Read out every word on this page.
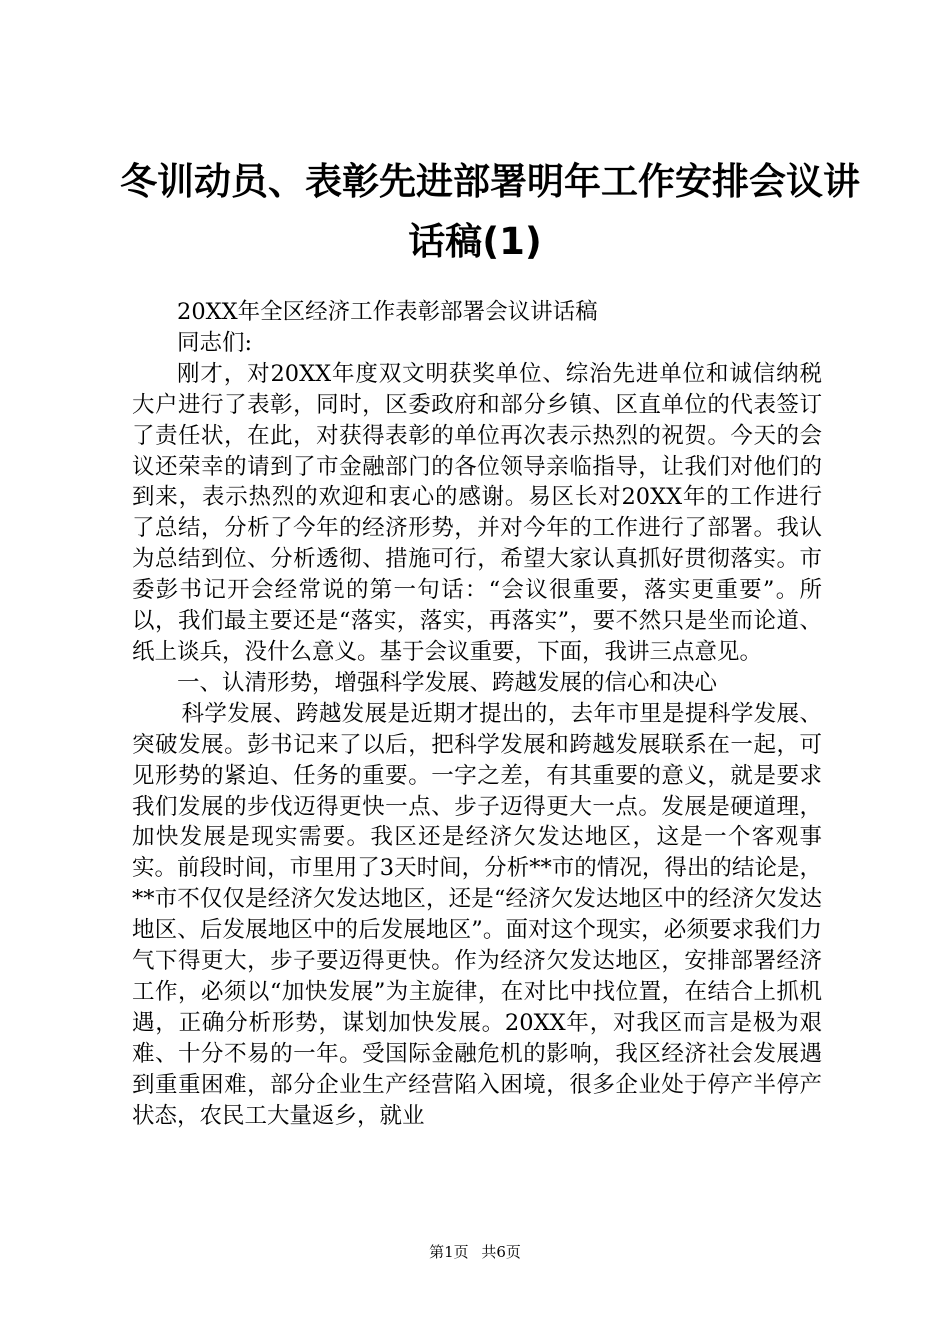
冬训动员、表彰先进部署明年工作安排会议讲
话稿(1)

20XX年全区经济工作表彰部署会议讲话稿

同志们:

刚才，对20XX年度双文明获奖单位、综治先进单位和诚信纳税大户进行了表彰，同时，区委政府和部分乡镇、区直单位的代表签订了责任状，在此，对获得表彰的单位再次表示热烈的祝贺。今天的会议还荣幸的请到了市金融部门的各位领导亲临指导，让我们对他们的到来，表示热烈的欢迎和衷心的感谢。易区长对20XX年的工作进行了总结，分析了今年的经济形势，并对今年的工作进行了部署。我认为总结到位、分析透彻、措施可行，希望大家认真抓好贯彻落实。市委彭书记开会经常说的第一句话：“会议很重要，落实更重要”。所以，我们最主要还是“落实，落实，再落实”，要不然只是坐而论道、纸上谈兵，没什么意义。基于会议重要，下面，我讲三点意见。

一、认清形势，增强科学发展、跨越发展的信心和决心

科学发展、跨越发展是近期才提出的，去年市里是提科学发展、突破发展。彭书记来了以后，把科学发展和跨越发展联系在一起，可见形势的紧迫、任务的重要。一字之差，有其重要的意义，就是要求我们发展的步伐迈得更快一点、步子迈得更大一点。发展是硬道理，加快发展是现实需要。我区还是经济欠发达地区，这是一个客观事实。前段时间，市里用了3天时间，分析**市的情况，得出的结论是，**市不仅仅是经济欠发达地区，还是“经济欠发达地区中的经济欠发达地区、后发展地区中的后发展地区”。面对这个现实，必须要求我们力气下得更大，步子要迈得更快。作为经济欠发达地区，安排部署经济工作，必须以“加快发展”为主旋律，在对比中找位置，在结合上抓机遇，正确分析形势，谋划加快发展。20XX年，对我区而言是极为艰难、十分不易的一年。受国际金融危机的影响，我区经济社会发展遇到重重困难，部分企业生产经营陷入困境，很多企业处于停产半停产状态，农民工大量返乡，就业

第1页 共6页
